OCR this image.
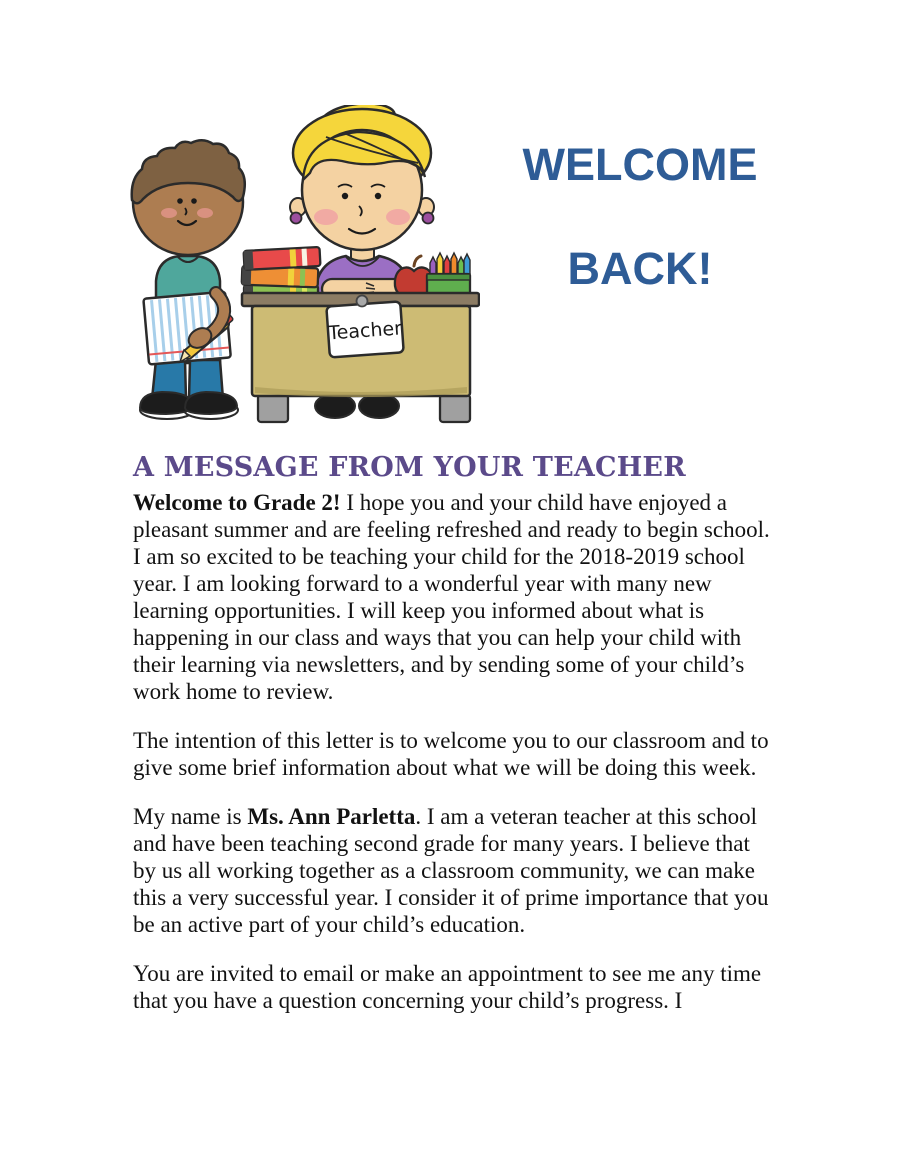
Teacher
WELCOME
BACK!
A MESSAGE FROM YOUR TEACHER

Welcome to Grade 2! I hope you and your child have enjoyed a pleasant summer and are feeling refreshed and ready to begin school. I am so excited to be teaching your child for the 2018-2019 school year. I am looking forward to a wonderful year with many new learning opportunities. I will keep you informed about what is happening in our class and ways that you can help your child with their learning via newsletters, and by sending some of your child’s work home to review.

The intention of this letter is to welcome you to our classroom and to give some brief information about what we will be doing this week.

My name is Ms. Ann Parletta. I am a veteran teacher at this school and have been teaching second grade for many years. I believe that by us all working together as a classroom community, we can make this a very successful year. I consider it of prime importance that you be an active part of your child’s education.

You are invited to email or make an appointment to see me any time that you have a question concerning your child’s progress. I
